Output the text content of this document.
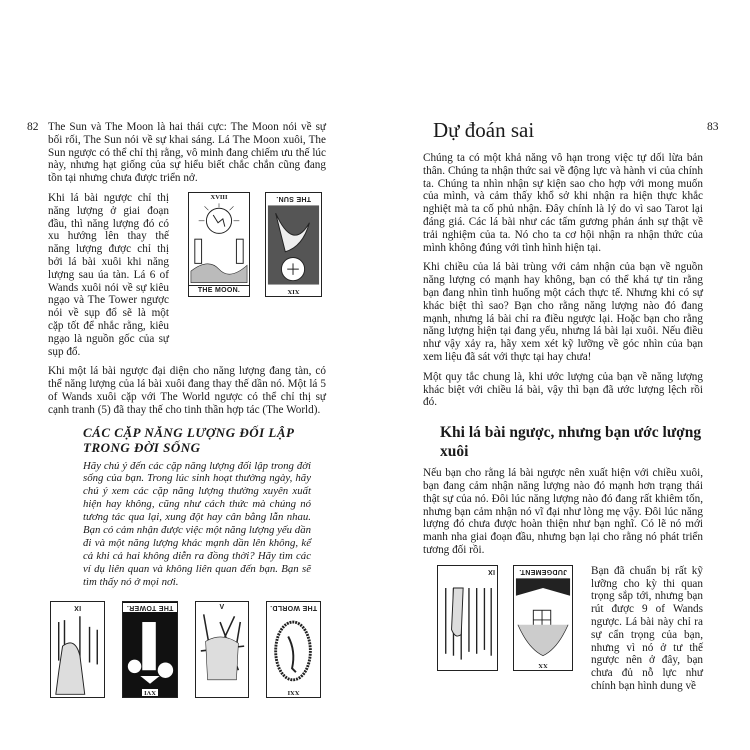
82 The Sun và The Moon là hai thái cực: The Moon nói về sự bối rối, The Sun nói về sự khai sáng. Lá The Moon xuôi, The Sun ngược có thể chỉ thị rằng, vô minh đang chiếm ưu thế lúc này, nhưng hạt giống của sự hiểu biết chắc chắn cũng đang tồn tại nhưng chưa được triển nở.

Khi lá bài ngược chỉ thị năng lượng ở giai đoạn đầu, thì năng lượng đó có xu hướng lên thay thế năng lượng được chỉ thị bởi lá bài xuôi khi năng lượng sau úa tàn. Lá 6 of Wands xuôi nói về sự kiêu ngạo và The Tower ngược nói về sụp đổ sẽ là một cặp tốt để nhắc rằng, kiêu ngạo là nguồn gốc của sự sụp đổ.

XVIII
THE MOON.
THE SUN.
XIX

Khi một lá bài ngược đại diện cho năng lượng đang tàn, có thể năng lượng của lá bài xuôi đang thay thế dần nó. Một lá 5 of Wands xuôi cặp với The World ngược có thể chỉ thị sự cạnh tranh (5) đã thay thế cho tinh thần hợp tác (The World).

CÁC CẶP NĂNG LƯỢNG ĐỐI LẬP TRONG ĐỜI SỐNG

Hãy chú ý đến các cặp năng lượng đối lập trong đời sống của bạn. Trong lúc sinh hoạt thường ngày, hãy chú ý xem các cặp năng lượng thường xuyên xuất hiện hay không, cũng như cách thức mà chúng nó tương tác qua lại, xung đột hay cân bằng lẫn nhau. Bạn có cảm nhận được việc một năng lượng yếu dần đi và một năng lượng khác mạnh dần lên không, kể cả khi cả hai không diễn ra đồng thời? Hãy tìm các ví dụ liên quan và không liên quan đến bạn. Bạn sẽ tìm thấy nó ở mọi nơi.

IX	THE TOWER.
XVI
V	THE WORLD.
XXI
Dự đoán sai	83

Chúng ta có một khả năng vô hạn trong việc tự dối lừa bản thân. Chúng ta nhận thức sai về động lực và hành vi của chính ta. Chúng ta nhìn nhận sự kiện sao cho hợp với mong muốn của mình, và cảm thấy khổ sở khi nhận ra hiện thực khắc nghiệt mà ta cố phủ nhận. Đây chính là lý do vì sao Tarot lại đáng giá. Các lá bài như các tấm gương phản ánh sự thật về trải nghiệm của ta. Nó cho ta cơ hội nhận ra nhận thức của mình không đúng với tình hình hiện tại.

Khi chiều của lá bài trùng với cảm nhận của bạn về nguồn năng lượng có mạnh hay không, bạn có thể khá tự tin rằng bạn đang nhìn tình huống một cách thực tế. Nhưng khi có sự khác biệt thì sao? Bạn cho rằng năng lượng nào đó đang mạnh, nhưng lá bài chỉ ra điều ngược lại. Hoặc bạn cho rằng năng lượng hiện tại đang yếu, nhưng lá bài lại xuôi. Nếu điều như vậy xảy ra, hãy xem xét kỹ lưỡng về góc nhìn của bạn xem liệu đã sát với thực tại hay chưa!

Một quy tắc chung là, khi ước lượng của bạn về năng lượng khác biệt với chiều lá bài, vậy thì bạn đã ước lượng lệch rồi đó.

Khi lá bài ngược, nhưng bạn ước lượng xuôi

Nếu bạn cho rằng lá bài ngược nên xuất hiện với chiều xuôi, bạn đang cảm nhận năng lượng nào đó mạnh hơn trạng thái thật sự của nó. Đôi lúc năng lượng nào đó đang rất khiêm tốn, nhưng bạn cảm nhận nó vĩ đại như lòng mẹ vậy. Đôi lúc năng lượng đó chưa được hoàn thiện như bạn nghĩ. Có lẽ nó mới manh nha giai đoạn đầu, nhưng bạn lại cho rằng nó phát triển tương đối rồi.

IX	JUDGEMENT.
XX

Bạn đã chuẩn bị rất kỹ lưỡng cho kỳ thi quan trọng sắp tới, nhưng bạn rút được 9 of Wands ngược. Lá bài này chỉ ra sự cẩn trọng của bạn, nhưng vì nó ở tư thế ngược nên ở đây, bạn chưa đủ nỗ lực như chính bạn hình dung về
